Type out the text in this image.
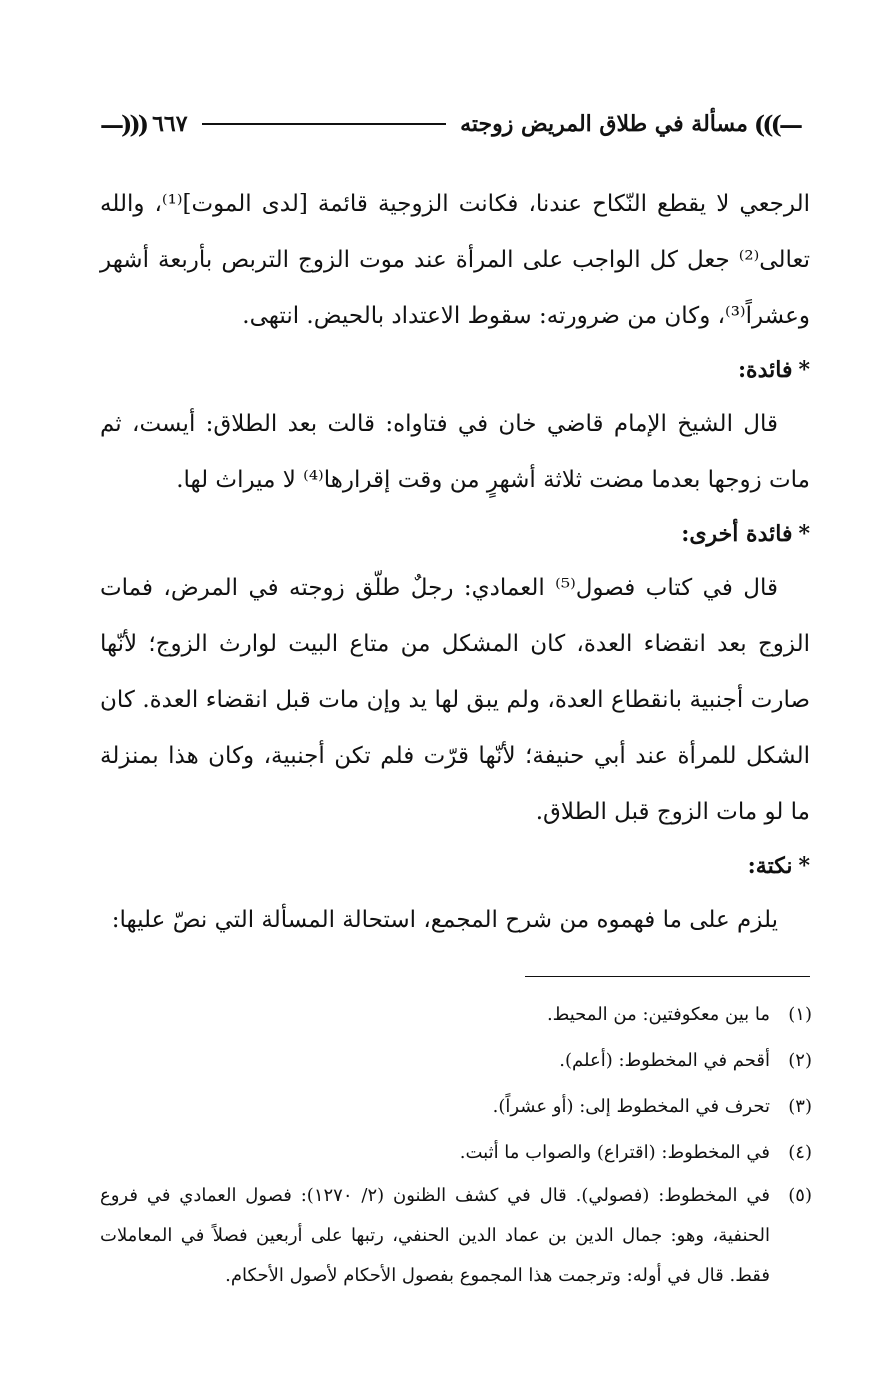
—)))
مسألة في طلاق المريض زوجته
٦٦٧
(((—

الرجعي لا يقطع النّكاح عندنا، فكانت الزوجية قائمة [لدى الموت]⁽¹⁾، والله تعالى⁽²⁾ جعل كل الواجب على المرأة عند موت الزوج التربص بأربعة أشهر وعشراً⁽³⁾، وكان من ضرورته: سقوط الاعتداد بالحيض. انتهى.

*فائدة:

قال الشيخ الإمام قاضي خان في فتاواه: قالت بعد الطلاق: أيست، ثم مات زوجها بعدما مضت ثلاثة أشهرٍ من وقت إقرارها⁽⁴⁾ لا ميراث لها.

*فائدة أخرى:

قال في كتاب فصول⁽⁵⁾ العمادي: رجلٌ طلّق زوجته في المرض، فمات الزوج بعد انقضاء العدة، كان المشكل من متاع البيت لوارث الزوج؛ لأنّها صارت أجنبية بانقطاع العدة، ولم يبق لها يد وإن مات قبل انقضاء العدة. كان الشكل للمرأة عند أبي حنيفة؛ لأنّها قرّت فلم تكن أجنبية، وكان هذا بمنزلة ما لو مات الزوج قبل الطلاق.

*نكتة:

يلزم على ما فهموه من شرح المجمع، استحالة المسألة التي نصّ عليها:

(١)
ما بين معكوفتين: من المحيط.
(٢)
أقحم في المخطوط: (أعلم).
(٣)
تحرف في المخطوط إلى: (أو عشراً).
(٤)
في المخطوط: (اقتراع) والصواب ما أثبت.
(٥)
في المخطوط: (فصولي). قال في كشف الظنون (٢/ ١٢٧٠): فصول العمادي في فروع الحنفية، وهو: جمال الدين بن عماد الدين الحنفي، رتبها على أربعين فصلاً في المعاملات فقط. قال في أوله: وترجمت هذا المجموع بفصول الأحكام لأصول الأحكام.
